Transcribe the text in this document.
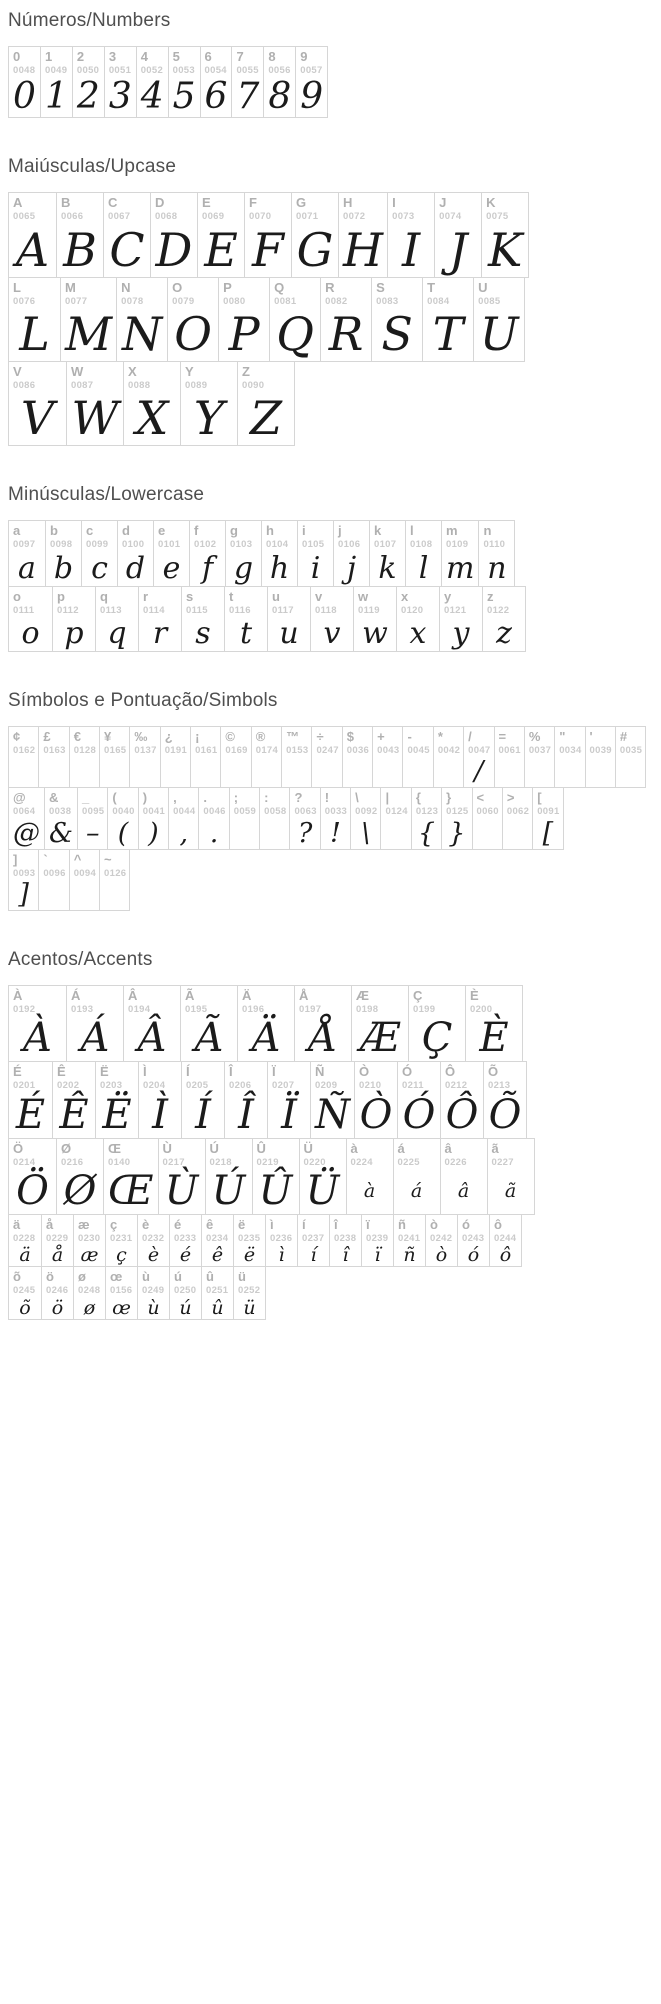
Números/Numbers
0
0048
0
1
0049
1
2
0050
2
3
0051
3
4
0052
4
5
0053
5
6
0054
6
7
0055
7
8
0056
8
9
0057
9
Maiúsculas/Upcase
A
0065
A
B
0066
B
C
0067
C
D
0068
D
E
0069
E
F
0070
F
G
0071
G
H
0072
H
I
0073
I
J
0074
J
K
0075
K
L
0076
L
M
0077
M
N
0078
N
O
0079
O
P
0080
P
Q
0081
Q
R
0082
R
S
0083
S
T
0084
T
U
0085
U
V
0086
V
W
0087
W
X
0088
X
Y
0089
Y
Z
0090
Z
Minúsculas/Lowercase
a
0097
a
b
0098
b
c
0099
c
d
0100
d
e
0101
e
f
0102
f
g
0103
g
h
0104
h
i
0105
i
j
0106
j
k
0107
k
l
0108
l
m
0109
m
n
0110
n
o
0111
o
p
0112
p
q
0113
q
r
0114
r
s
0115
s
t
0116
t
u
0117
u
v
0118
v
w
0119
w
x
0120
x
y
0121
y
z
0122
z
Símbolos e Pontuação/Simbols
¢
0162
£
0163
€
0128
¥
0165
‰
0137
¿
0191
¡
0161
©
0169
®
0174
™
0153
÷
0247
$
0036
+
0043
-
0045
*
0042
/
0047
/
=
0061
%
0037
"
0034
'
0039
#
0035
@
0064
@
&
0038
&
_
0095
–
(
0040
(
)
0041
)
,
0044
,
.
0046
.
;
0059
:
0058
?
0063
?
!
0033
!
\
0092
\
|
0124
{
0123
{
}
0125
}
<
0060
>
0062
[
0091
[
]
0093
]
`
0096
^
0094
~
0126
Acentos/Accents
À
0192
À
Á
0193
Á
Â
0194
Â
Ã
0195
Ã
Ä
0196
Ä
Å
0197
Å
Æ
0198
Æ
Ç
0199
Ç
È
0200
È
É
0201
É
Ê
0202
Ê
Ë
0203
Ë
Ì
0204
Ì
Í
0205
Í
Î
0206
Î
Ï
0207
Ï
Ñ
0209
Ñ
Ò
0210
Ò
Ó
0211
Ó
Ô
0212
Ô
Õ
0213
Õ
Ö
0214
Ö
Ø
0216
Ø
Œ
0140
Œ
Ù
0217
Ù
Ú
0218
Ú
Û
0219
Û
Ü
0220
Ü
à
0224
à
á
0225
á
â
0226
â
ã
0227
ã
ä
0228
ä
å
0229
å
æ
0230
æ
ç
0231
ç
è
0232
è
é
0233
é
ê
0234
ê
ë
0235
ë
ì
0236
ì
í
0237
í
î
0238
î
ï
0239
ï
ñ
0241
ñ
ò
0242
ò
ó
0243
ó
ô
0244
ô
õ
0245
õ
ö
0246
ö
ø
0248
ø
œ
0156
œ
ù
0249
ù
ú
0250
ú
û
0251
û
ü
0252
ü
